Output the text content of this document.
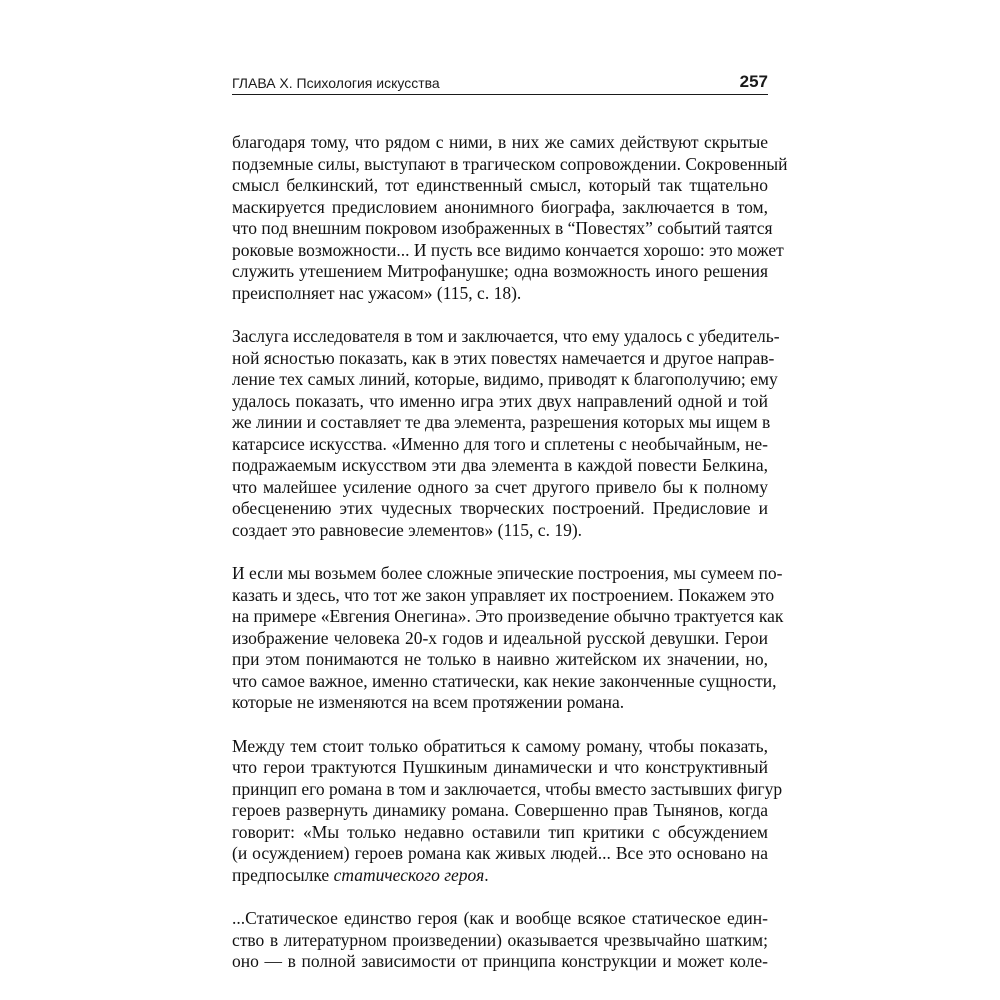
ГЛАВА X. Психология искусства	257
благодаря тому, что рядом с ними, в них же самих действуют скрытые
подземные силы, выступают в трагическом сопровождении. Сокровенный
смысл белкинский, тот единственный смысл, который так тщательно
маскируется предисловием анонимного биографа, заключается в том,
что под внешним покровом изображенных в “Повестях” событий таятся
роковые возможности... И пусть все видимо кончается хорошо: это может
служить утешением Митрофанушке; одна возможность иного решения
преисполняет нас ужасом» (115, с. 18).
Заслуга исследователя в том и заключается, что ему удалось с убедитель-
ной ясностью показать, как в этих повестях намечается и другое направ-
ление тех самых линий, которые, видимо, приводят к благополучию; ему
удалось показать, что именно игра этих двух направлений одной и той
же линии и составляет те два элемента, разрешения которых мы ищем в
катарсисе искусства. «Именно для того и сплетены с необычайным, не-
подражаемым искусством эти два элемента в каждой повести Белкина,
что малейшее усиление одного за счет другого привело бы к полному
обесценению этих чудесных творческих построений. Предисловие и
создает это равновесие элементов» (115, с. 19).
И если мы возьмем более сложные эпические построения, мы сумеем по-
казать и здесь, что тот же закон управляет их построением. Покажем это
на примере «Евгения Онегина». Это произведение обычно трактуется как
изображение человека 20-х годов и идеальной русской девушки. Герои
при этом понимаются не только в наивно житейском их значении, но,
что самое важное, именно статически, как некие законченные сущности,
которые не изменяются на всем протяжении романа.
Между тем стоит только обратиться к самому роману, чтобы показать,
что герои трактуются Пушкиным динамически и что конструктивный
принцип его романа в том и заключается, чтобы вместо застывших фигур
героев развернуть динамику романа. Совершенно прав Тынянов, когда
говорит: «Мы только недавно оставили тип критики с обсуждением
(и осуждением) героев романа как живых людей... Все это основано на
предпосылке статического героя.
...Статическое единство героя (как и вообще всякое статическое един-
ство в литературном произведении) оказывается чрезвычайно шатким;
оно — в полной зависимости от принципа конструкции и может коле-
